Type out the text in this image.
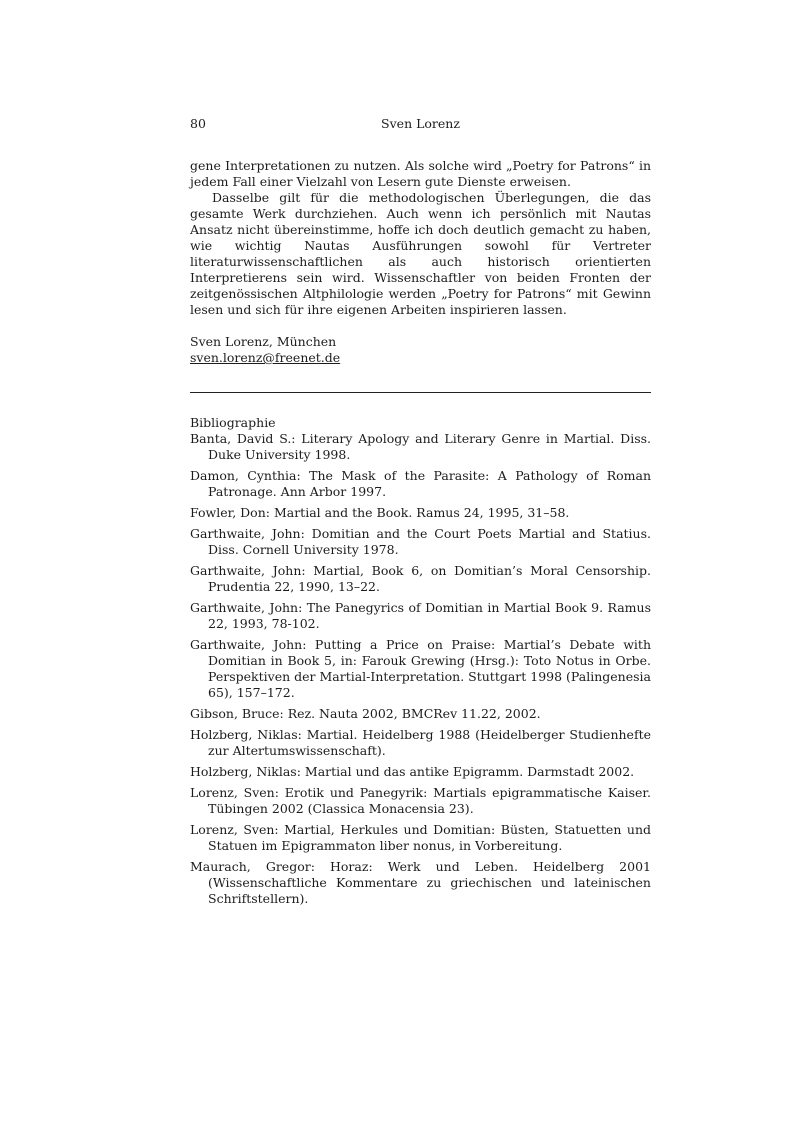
80	Sven Lorenz

gene Interpretationen zu nutzen. Als solche wird „Poetry for Patrons“ in jedem Fall einer Vielzahl von Lesern gute Dienste erweisen.

Dasselbe gilt für die methodologischen Überlegungen, die das gesamte Werk durchziehen. Auch wenn ich persönlich mit Nautas Ansatz nicht übereinstimme, hoffe ich doch deutlich gemacht zu haben, wie wichtig Nautas Ausführungen sowohl für Vertreter literaturwissenschaftlichen als auch historisch orientierten Interpretierens sein wird. Wissenschaftler von beiden Fronten der zeitgenössischen Altphilologie werden „Poetry for Patrons“ mit Gewinn lesen und sich für ihre eigenen Arbeiten inspirieren lassen.

Sven Lorenz, München

sven.lorenz@freenet.de

Bibliographie

Banta, David S.: Literary Apology and Literary Genre in Martial. Diss. Duke University 1998.

Damon, Cynthia: The Mask of the Parasite: A Pathology of Roman Patronage. Ann Arbor 1997.

Fowler, Don: Martial and the Book. Ramus 24, 1995, 31–58.

Garthwaite, John: Domitian and the Court Poets Martial and Statius. Diss. Cornell University 1978.

Garthwaite, John: Martial, Book 6, on Domitian’s Moral Censorship. Prudentia 22, 1990, 13–22.

Garthwaite, John: The Panegyrics of Domitian in Martial Book 9. Ramus 22, 1993, 78-102.

Garthwaite, John: Putting a Price on Praise: Martial’s Debate with Domitian in Book 5, in: Farouk Grewing (Hrsg.): Toto Notus in Orbe. Perspektiven der Martial-Interpretation. Stuttgart 1998 (Palingenesia 65), 157–172.

Gibson, Bruce: Rez. Nauta 2002, BMCRev 11.22, 2002.

Holzberg, Niklas: Martial. Heidelberg 1988 (Heidelberger Studienhefte zur Altertumswissenschaft).

Holzberg, Niklas: Martial und das antike Epigramm. Darmstadt 2002.

Lorenz, Sven: Erotik und Panegyrik: Martials epigrammatische Kaiser. Tübingen 2002 (Classica Monacensia 23).

Lorenz, Sven: Martial, Herkules und Domitian: Büsten, Statuetten und Statuen im Epigrammaton liber nonus, in Vorbereitung.

Maurach, Gregor: Horaz: Werk und Leben. Heidelberg 2001 (Wissenschaftliche Kommentare zu griechischen und lateinischen Schriftstellern).
